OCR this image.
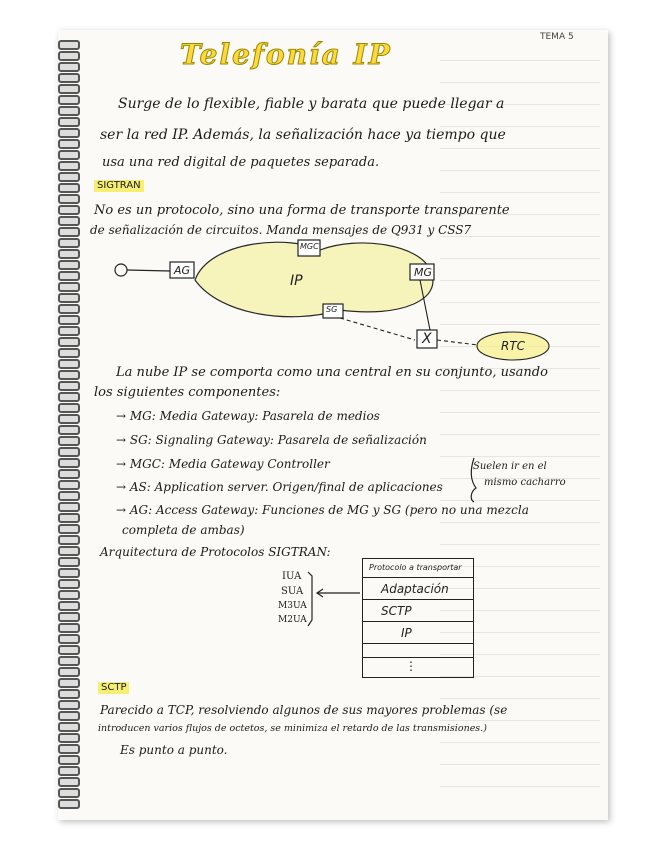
TEMA 5
Telefonía IP
Surge de lo flexible, fiable y barata que puede llegar a
ser la red IP. Además, la señalización hace ya tiempo que
usa una red digital de paquetes separada.
SIGTRAN
No es un protocolo, sino una forma de transporte transparente
de señalización de circuitos. Manda mensajes de Q931 y CSS7
AG
MGC
IP
MG
SG
X	RTC
La nube IP se comporta como una central en su conjunto, usando
los siguientes componentes:
→ MG: Media Gateway: Pasarela de medios
→ SG: Signaling Gateway: Pasarela de señalización
→ MGC: Media Gateway Controller
→ AS: Application server. Origen/final de aplicaciones
→ AG: Access Gateway: Funciones de MG y SG (pero no una mezcla
completa de ambas)
Suelen ir en el
mismo cacharro
Arquitectura de Protocolos SIGTRAN:
IUA
SUA
M3UA
M2UA
Protocolo a transportar
Adaptación
SCTP
IP
⋮
SCTP
Parecido a TCP, resolviendo algunos de sus mayores problemas (se
introducen varios flujos de octetos, se minimiza el retardo de las transmisiones.)
Es punto a punto.
